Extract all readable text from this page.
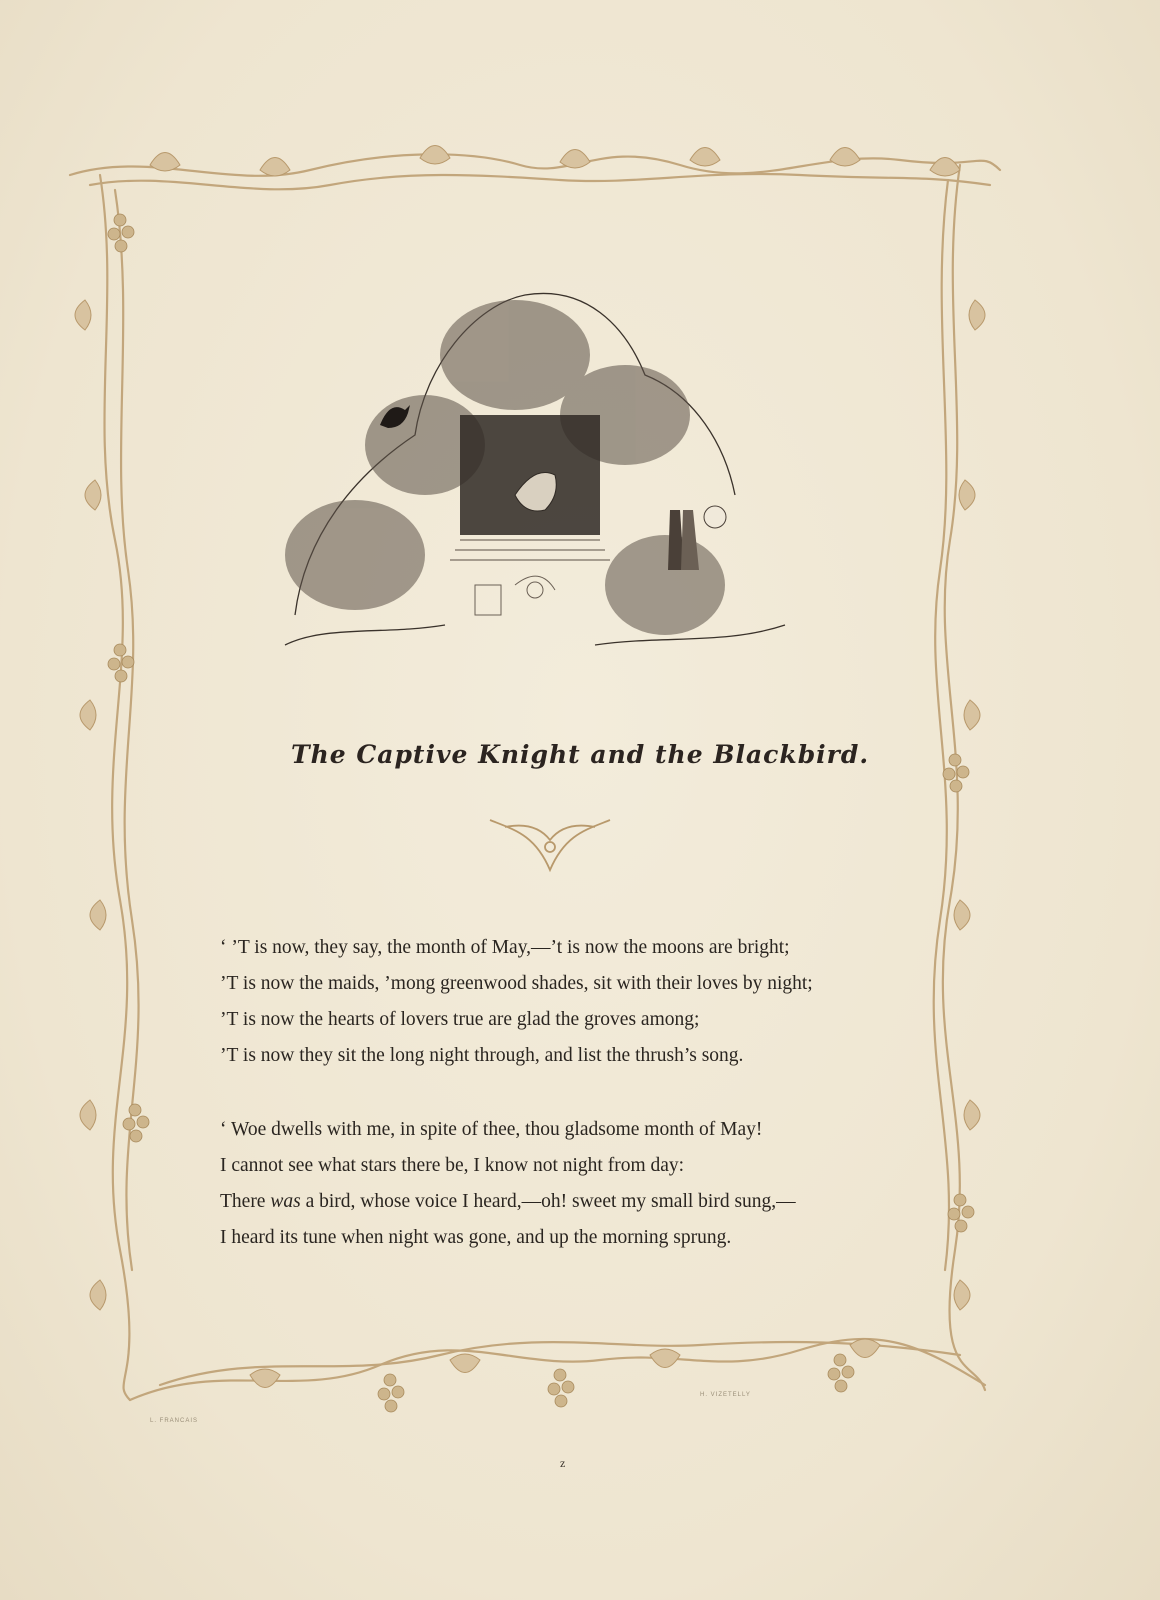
The Captive Knight and the Blackbird.
‘ ’T is now, they say, the month of May,—’t is now the moons are bright;
’T is now the maids, ’mong greenwood shades, sit with their loves by night;
’T is now the hearts of lovers true are glad the groves among;
’T is now they sit the long night through, and list the thrush’s song.
‘ Woe dwells with me, in spite of thee, thou gladsome month of May!
I cannot see what stars there be, I know not night from day:
There was a bird, whose voice I heard,—oh! sweet my small bird sung,—
I heard its tune when night was gone, and up the morning sprung.
L. FRANCAIS
H. VIZETELLY
z
